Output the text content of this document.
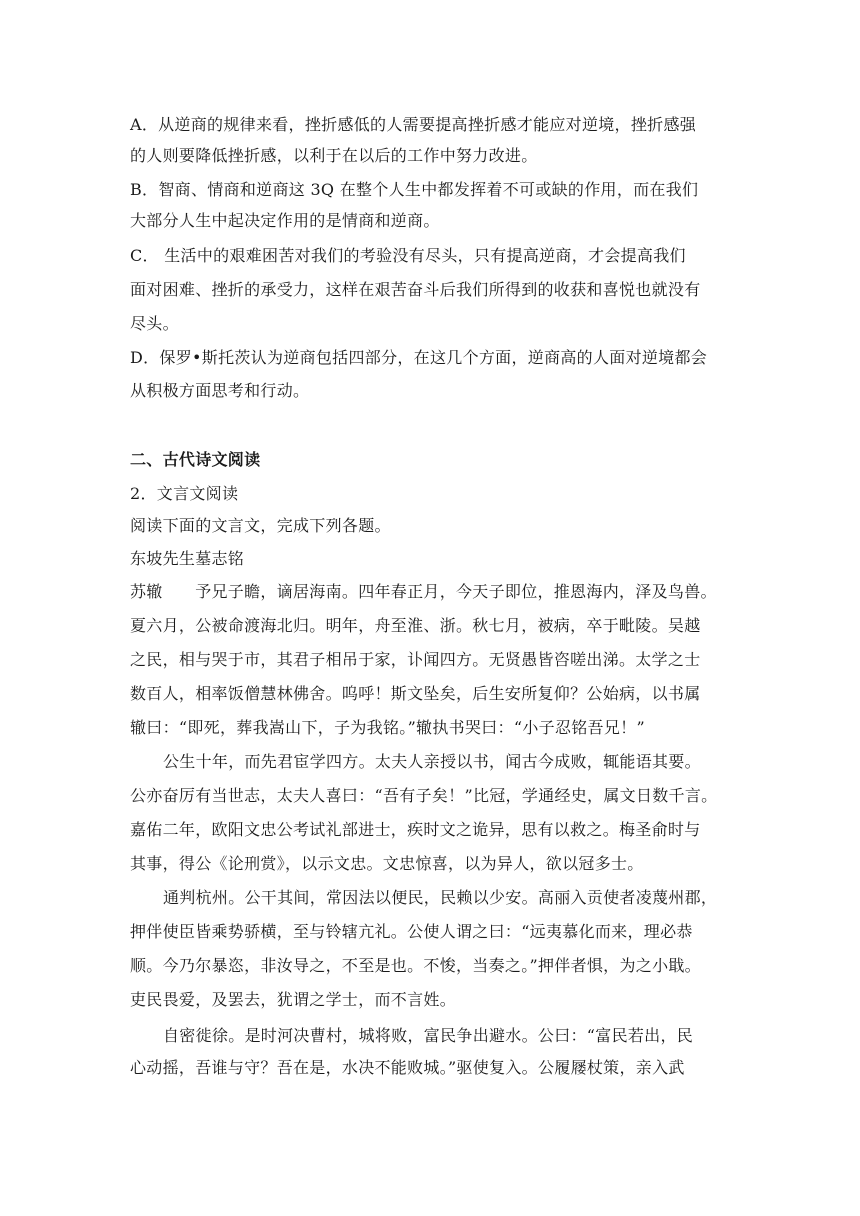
A．从逆商的规律来看，挫折感低的人需要提高挫折感才能应对逆境，挫折感强
的人则要降低挫折感，以利于在以后的工作中努力改进。
B．智商、情商和逆商这 3Q 在整个人生中都发挥着不可或缺的作用，而在我们
大部分人生中起决定作用的是情商和逆商。
C． 生活中的艰难困苦对我们的考验没有尽头，只有提高逆商，才会提高我们
面对困难、挫折的承受力，这样在艰苦奋斗后我们所得到的收获和喜悦也就没有
尽头。
D．保罗•斯托茨认为逆商包括四部分，在这几个方面，逆商高的人面对逆境都会
从积极方面思考和行动。
二、古代诗文阅读
2．文言文阅读
阅读下面的文言文，完成下列各题。
东坡先生墓志铭
苏辙　　予兄子瞻，谪居海南。四年春正月，今天子即位，推恩海内，泽及鸟兽。
夏六月，公被命渡海北归。明年，舟至淮、浙。秋七月，被病，卒于毗陵。吴越
之民，相与哭于市，其君子相吊于家，讣闻四方。无贤愚皆咨嗟出涕。太学之士
数百人，相率饭僧慧林佛舍。呜呼！斯文坠矣，后生安所复仰？公始病，以书属
辙曰：“即死，葬我嵩山下，子为我铭。”辙执书哭曰：“小子忍铭吾兄！”
公生十年，而先君宦学四方。太夫人亲授以书，闻古今成败，辄能语其要。
公亦奋厉有当世志，太夫人喜曰：“吾有子矣！”比冠，学通经史，属文日数千言。
嘉佑二年，欧阳文忠公考试礼部进士，疾时文之诡异，思有以救之。梅圣俞时与
其事，得公《论刑赏》，以示文忠。文忠惊喜，以为异人，欲以冠多士。
通判杭州。公干其间，常因法以便民，民赖以少安。高丽入贡使者凌蔑州郡，
押伴使臣皆乘势骄横，至与铃辖亢礼。公使人谓之曰：“远夷慕化而来，理必恭
顺。今乃尔暴恣，非汝导之，不至是也。不悛，当奏之。”押伴者惧，为之小戢。
吏民畏爱，及罢去，犹谓之学士，而不言姓。
自密徙徐。是时河决曹村，城将败，富民争出避水。公曰：“富民若出，民
心动摇，吾谁与守？吾在是，水决不能败城。”驱使复入。公履屦杖策，亲入武
